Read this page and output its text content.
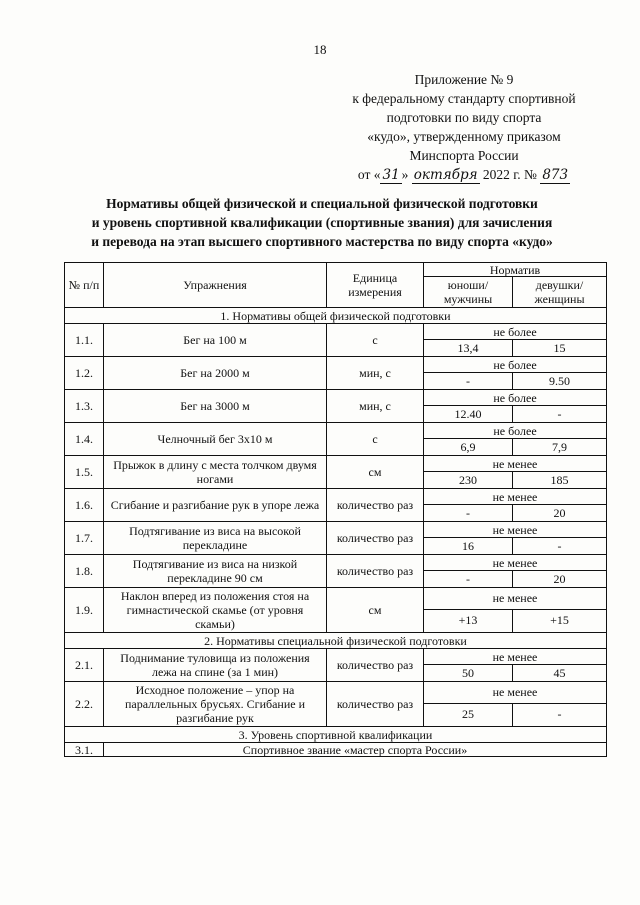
18
Приложение № 9
к федеральному стандарту спортивной
подготовки по виду спорта
«кудо», утвержденному приказом
Минспорта России
от « 31 » октября 2022 г. № 873
Нормативы общей физической и специальной физической подготовки
и уровень спортивной квалификации (спортивные звания) для зачисления
и перевода на этап высшего спортивного мастерства по виду спорта «кудо»
№ п/п	Упражнения	Единица измерения	Норматив	
			юноши/ мужчины	девушки/ женщины
1. Нормативы общей физической подготовки				
1.1.	Бег на 100 м	с	не более	
			13,4	15
1.2.	Бег на 2000 м	мин, с	не более	
			-	9.50
1.3.	Бег на 3000 м	мин, с	не более	
			12.40	-
1.4.	Челночный бег 3х10 м	с	не более	
			6,9	7,9
1.5.	Прыжок в длину с места толчком двумя ногами	см	не менее	
			230	185
1.6.	Сгибание и разгибание рук в упоре лежа	количество раз	не менее	
			-	20
1.7.	Подтягивание из виса на высокой перекладине	количество раз	не менее	
			16	-
1.8.	Подтягивание из виса на низкой перекладине 90 см	количество раз	не менее	
			-	20
1.9.	Наклон вперед из положения стоя на гимнастической скамье (от уровня скамьи)	см	не менее	
			+13	+15
2. Нормативы специальной физической подготовки				
2.1.	Поднимание туловища из положения лежа на спине (за 1 мин)	количество раз	не менее	
			50	45
2.2.	Исходное положение – упор на параллельных брусьях. Сгибание и разгибание рук	количество раз	не менее	
			25	-
3. Уровень спортивной квалификации				
3.1.	Спортивное звание «мастер спорта России»			
